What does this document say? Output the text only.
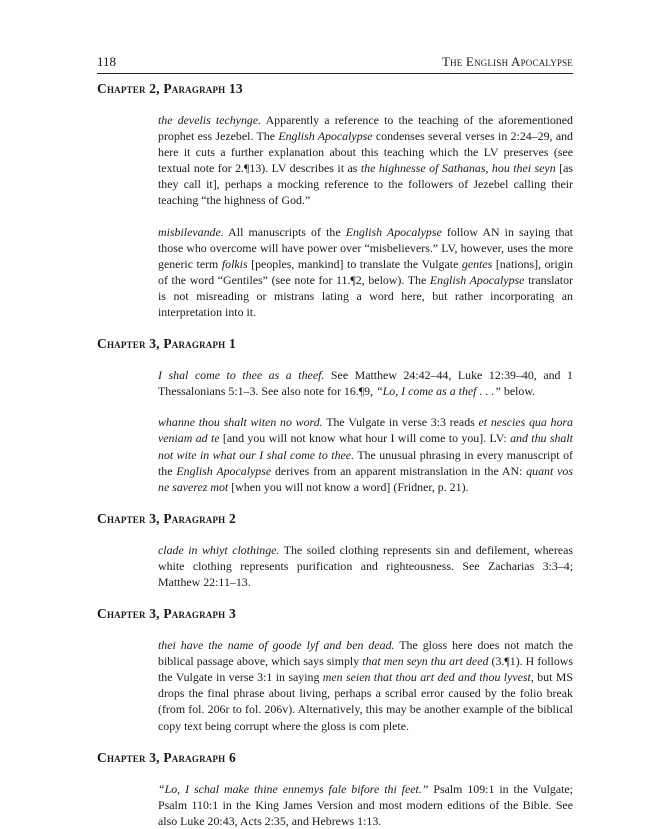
118	The English Apocalypse
Chapter 2, Paragraph 13

the develis techynge. Apparently a reference to the teaching of the aforementioned prophet ess Jezebel. The English Apocalypse condenses several verses in 2:24–29, and here it cuts a further explanation about this teaching which the LV preserves (see textual note for 2.¶13). LV describes it as the highnesse of Sathanas, hou thei seyn [as they call it], perhaps a mocking reference to the followers of Jezebel calling their teaching “the highness of God.”

misbilevande. All manuscripts of the English Apocalypse follow AN in saying that those who overcome will have power over “misbelievers.” LV, however, uses the more generic term folkis [peoples, mankind] to translate the Vulgate gentes [nations], origin of the word “Gentiles” (see note for 11.¶2, below). The English Apocalypse translator is not misreading or mistrans lating a word here, but rather incorporating an interpretation into it.

Chapter 3, Paragraph 1

I shal come to thee as a theef. See Matthew 24:42–44, Luke 12:39–40, and 1 Thessalonians 5:1–3. See also note for 16.¶9, “Lo, I come as a thef . . .” below.

whanne thou shalt witen no word. The Vulgate in verse 3:3 reads et nescies qua hora veniam ad te [and you will not know what hour I will come to you]. LV: and thu shalt not wite in what our I shal come to thee. The unusual phrasing in every manuscript of the English Apocalypse derives from an apparent mistranslation in the AN: quant vos ne saverez mot [when you will not know a word] (Fridner, p. 21).

Chapter 3, Paragraph 2

clade in whiyt clothinge. The soiled clothing represents sin and defilement, whereas white clothing represents purification and righteousness. See Zacharias 3:3–4; Matthew 22:11–13.

Chapter 3, Paragraph 3

thei have the name of goode lyf and ben dead. The gloss here does not match the biblical passage above, which says simply that men seyn thu art deed (3.¶1). H follows the Vulgate in verse 3:1 in saying men seien that thou art ded and thou lyvest, but MS drops the final phrase about living, perhaps a scribal error caused by the folio break (from fol. 206r to fol. 206v). Alternatively, this may be another example of the biblical copy text being corrupt where the gloss is com plete.

Chapter 3, Paragraph 6

“Lo, I schal make thine ennemys fale bifore thi feet.” Psalm 109:1 in the Vulgate; Psalm 110:1 in the King James Version and most modern editions of the Bible. See also Luke 20:43, Acts 2:35, and Hebrews 1:13.
